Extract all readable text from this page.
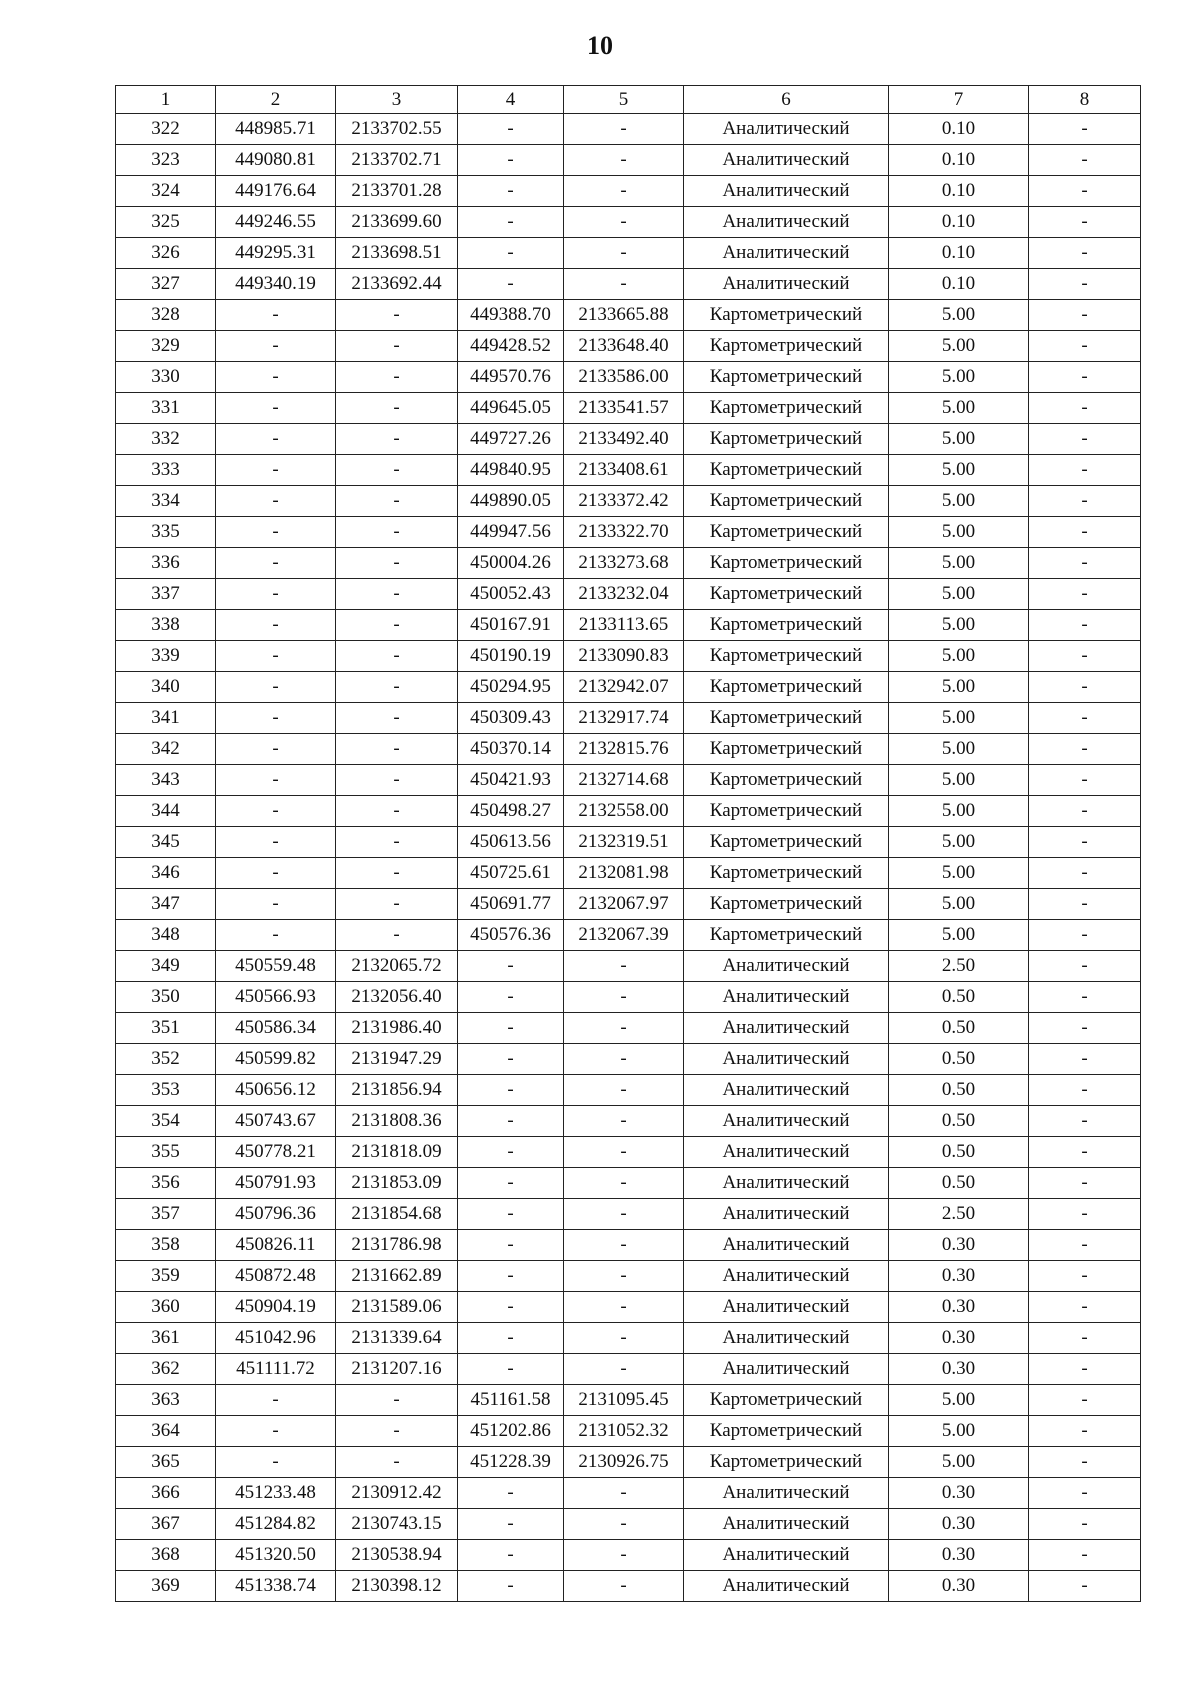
10
1	2	3	4	5	6	7	8
322	448985.71	2133702.55	-	-	Аналитический	0.10	-
323	449080.81	2133702.71	-	-	Аналитический	0.10	-
324	449176.64	2133701.28	-	-	Аналитический	0.10	-
325	449246.55	2133699.60	-	-	Аналитический	0.10	-
326	449295.31	2133698.51	-	-	Аналитический	0.10	-
327	449340.19	2133692.44	-	-	Аналитический	0.10	-
328	-	-	449388.70	2133665.88	Картометрический	5.00	-
329	-	-	449428.52	2133648.40	Картометрический	5.00	-
330	-	-	449570.76	2133586.00	Картометрический	5.00	-
331	-	-	449645.05	2133541.57	Картометрический	5.00	-
332	-	-	449727.26	2133492.40	Картометрический	5.00	-
333	-	-	449840.95	2133408.61	Картометрический	5.00	-
334	-	-	449890.05	2133372.42	Картометрический	5.00	-
335	-	-	449947.56	2133322.70	Картометрический	5.00	-
336	-	-	450004.26	2133273.68	Картометрический	5.00	-
337	-	-	450052.43	2133232.04	Картометрический	5.00	-
338	-	-	450167.91	2133113.65	Картометрический	5.00	-
339	-	-	450190.19	2133090.83	Картометрический	5.00	-
340	-	-	450294.95	2132942.07	Картометрический	5.00	-
341	-	-	450309.43	2132917.74	Картометрический	5.00	-
342	-	-	450370.14	2132815.76	Картометрический	5.00	-
343	-	-	450421.93	2132714.68	Картометрический	5.00	-
344	-	-	450498.27	2132558.00	Картометрический	5.00	-
345	-	-	450613.56	2132319.51	Картометрический	5.00	-
346	-	-	450725.61	2132081.98	Картометрический	5.00	-
347	-	-	450691.77	2132067.97	Картометрический	5.00	-
348	-	-	450576.36	2132067.39	Картометрический	5.00	-
349	450559.48	2132065.72	-	-	Аналитический	2.50	-
350	450566.93	2132056.40	-	-	Аналитический	0.50	-
351	450586.34	2131986.40	-	-	Аналитический	0.50	-
352	450599.82	2131947.29	-	-	Аналитический	0.50	-
353	450656.12	2131856.94	-	-	Аналитический	0.50	-
354	450743.67	2131808.36	-	-	Аналитический	0.50	-
355	450778.21	2131818.09	-	-	Аналитический	0.50	-
356	450791.93	2131853.09	-	-	Аналитический	0.50	-
357	450796.36	2131854.68	-	-	Аналитический	2.50	-
358	450826.11	2131786.98	-	-	Аналитический	0.30	-
359	450872.48	2131662.89	-	-	Аналитический	0.30	-
360	450904.19	2131589.06	-	-	Аналитический	0.30	-
361	451042.96	2131339.64	-	-	Аналитический	0.30	-
362	451111.72	2131207.16	-	-	Аналитический	0.30	-
363	-	-	451161.58	2131095.45	Картометрический	5.00	-
364	-	-	451202.86	2131052.32	Картометрический	5.00	-
365	-	-	451228.39	2130926.75	Картометрический	5.00	-
366	451233.48	2130912.42	-	-	Аналитический	0.30	-
367	451284.82	2130743.15	-	-	Аналитический	0.30	-
368	451320.50	2130538.94	-	-	Аналитический	0.30	-
369	451338.74	2130398.12	-	-	Аналитический	0.30	-
